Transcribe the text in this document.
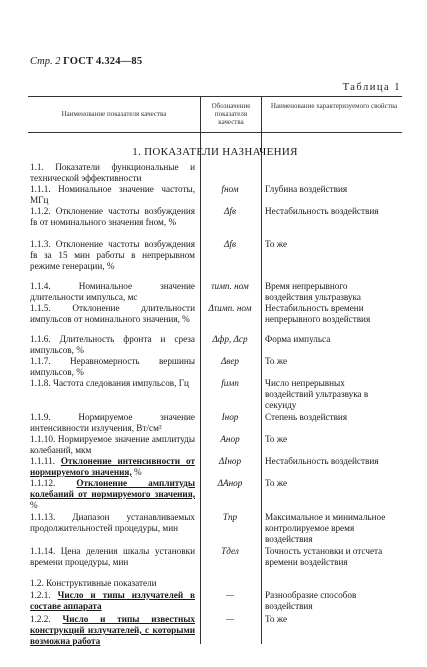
Стр. 2 ГОСТ 4.324—85
Таблица 1
Наименование показателя качества
Обозначение показателя качества
Наименование характеризуемого свойства
1. ПОКАЗАТЕЛИ НАЗНАЧЕНИЯ
1.1. Показатели функциональные и технической эффективности
1.1.1. Номинальное значение частоты, МГц
fном	Глубина воздействия
1.1.2. Отклонение частоты возбуждения fв от номинального значения fном, %
Δfв	Нестабильность воздействия
1.1.3. Отклонение частоты возбуждения fв за 15 мин работы в непрерывном режиме генерации, %
Δfв	То же
1.1.4. Номинальное значение длительности импульса, мс
τимп. ном	Время непрерывного воздействия ультразвука
1.1.5. Отклонение длительности импульсов от номинального значения, %
Δτимп. ном	Нестабильность времени непрерывного воздействия
1.1.6. Длительность фронта и среза импульсов, %
Δфр, Δср	Форма импульса
1.1.7. Неравномерность вершины импульсов, %
Δвер	То же
1.1.8. Частота следования импульсов, Гц	fимп	Число непрерывных воздействий ультразвука в секунду
1.1.9. Нормируемое значение интенсивности излучения, Вт/см²
Iнор	Степень воздействия
1.1.10. Нормируемое значение амплитуды колебаний, мкм
Aнор	То же
1.1.11. Отклонение интенсивности от нормируемого значения, %
ΔIнор	Нестабильность воздействия
1.1.12. Отклонение амплитуды колебаний от нормируемого значения, %
ΔAнор	То же
1.1.13. Диапазон устанавливаемых продолжительностей процедуры, мин
Tпр	Максимальное и минимальное контролируемое время воздействия
1.1.14. Цена деления шкалы установки времени процедуры, мин
Tдел	Точность установки и отсчета времени воздействия
1.2. Конструктивные показатели
1.2.1. Число и типы излучателей в составе аппарата
—	Разнообразие способов воздействия
1.2.2. Число и типы известных конструкций излучателей, с которыми возможна работа
—	То же
